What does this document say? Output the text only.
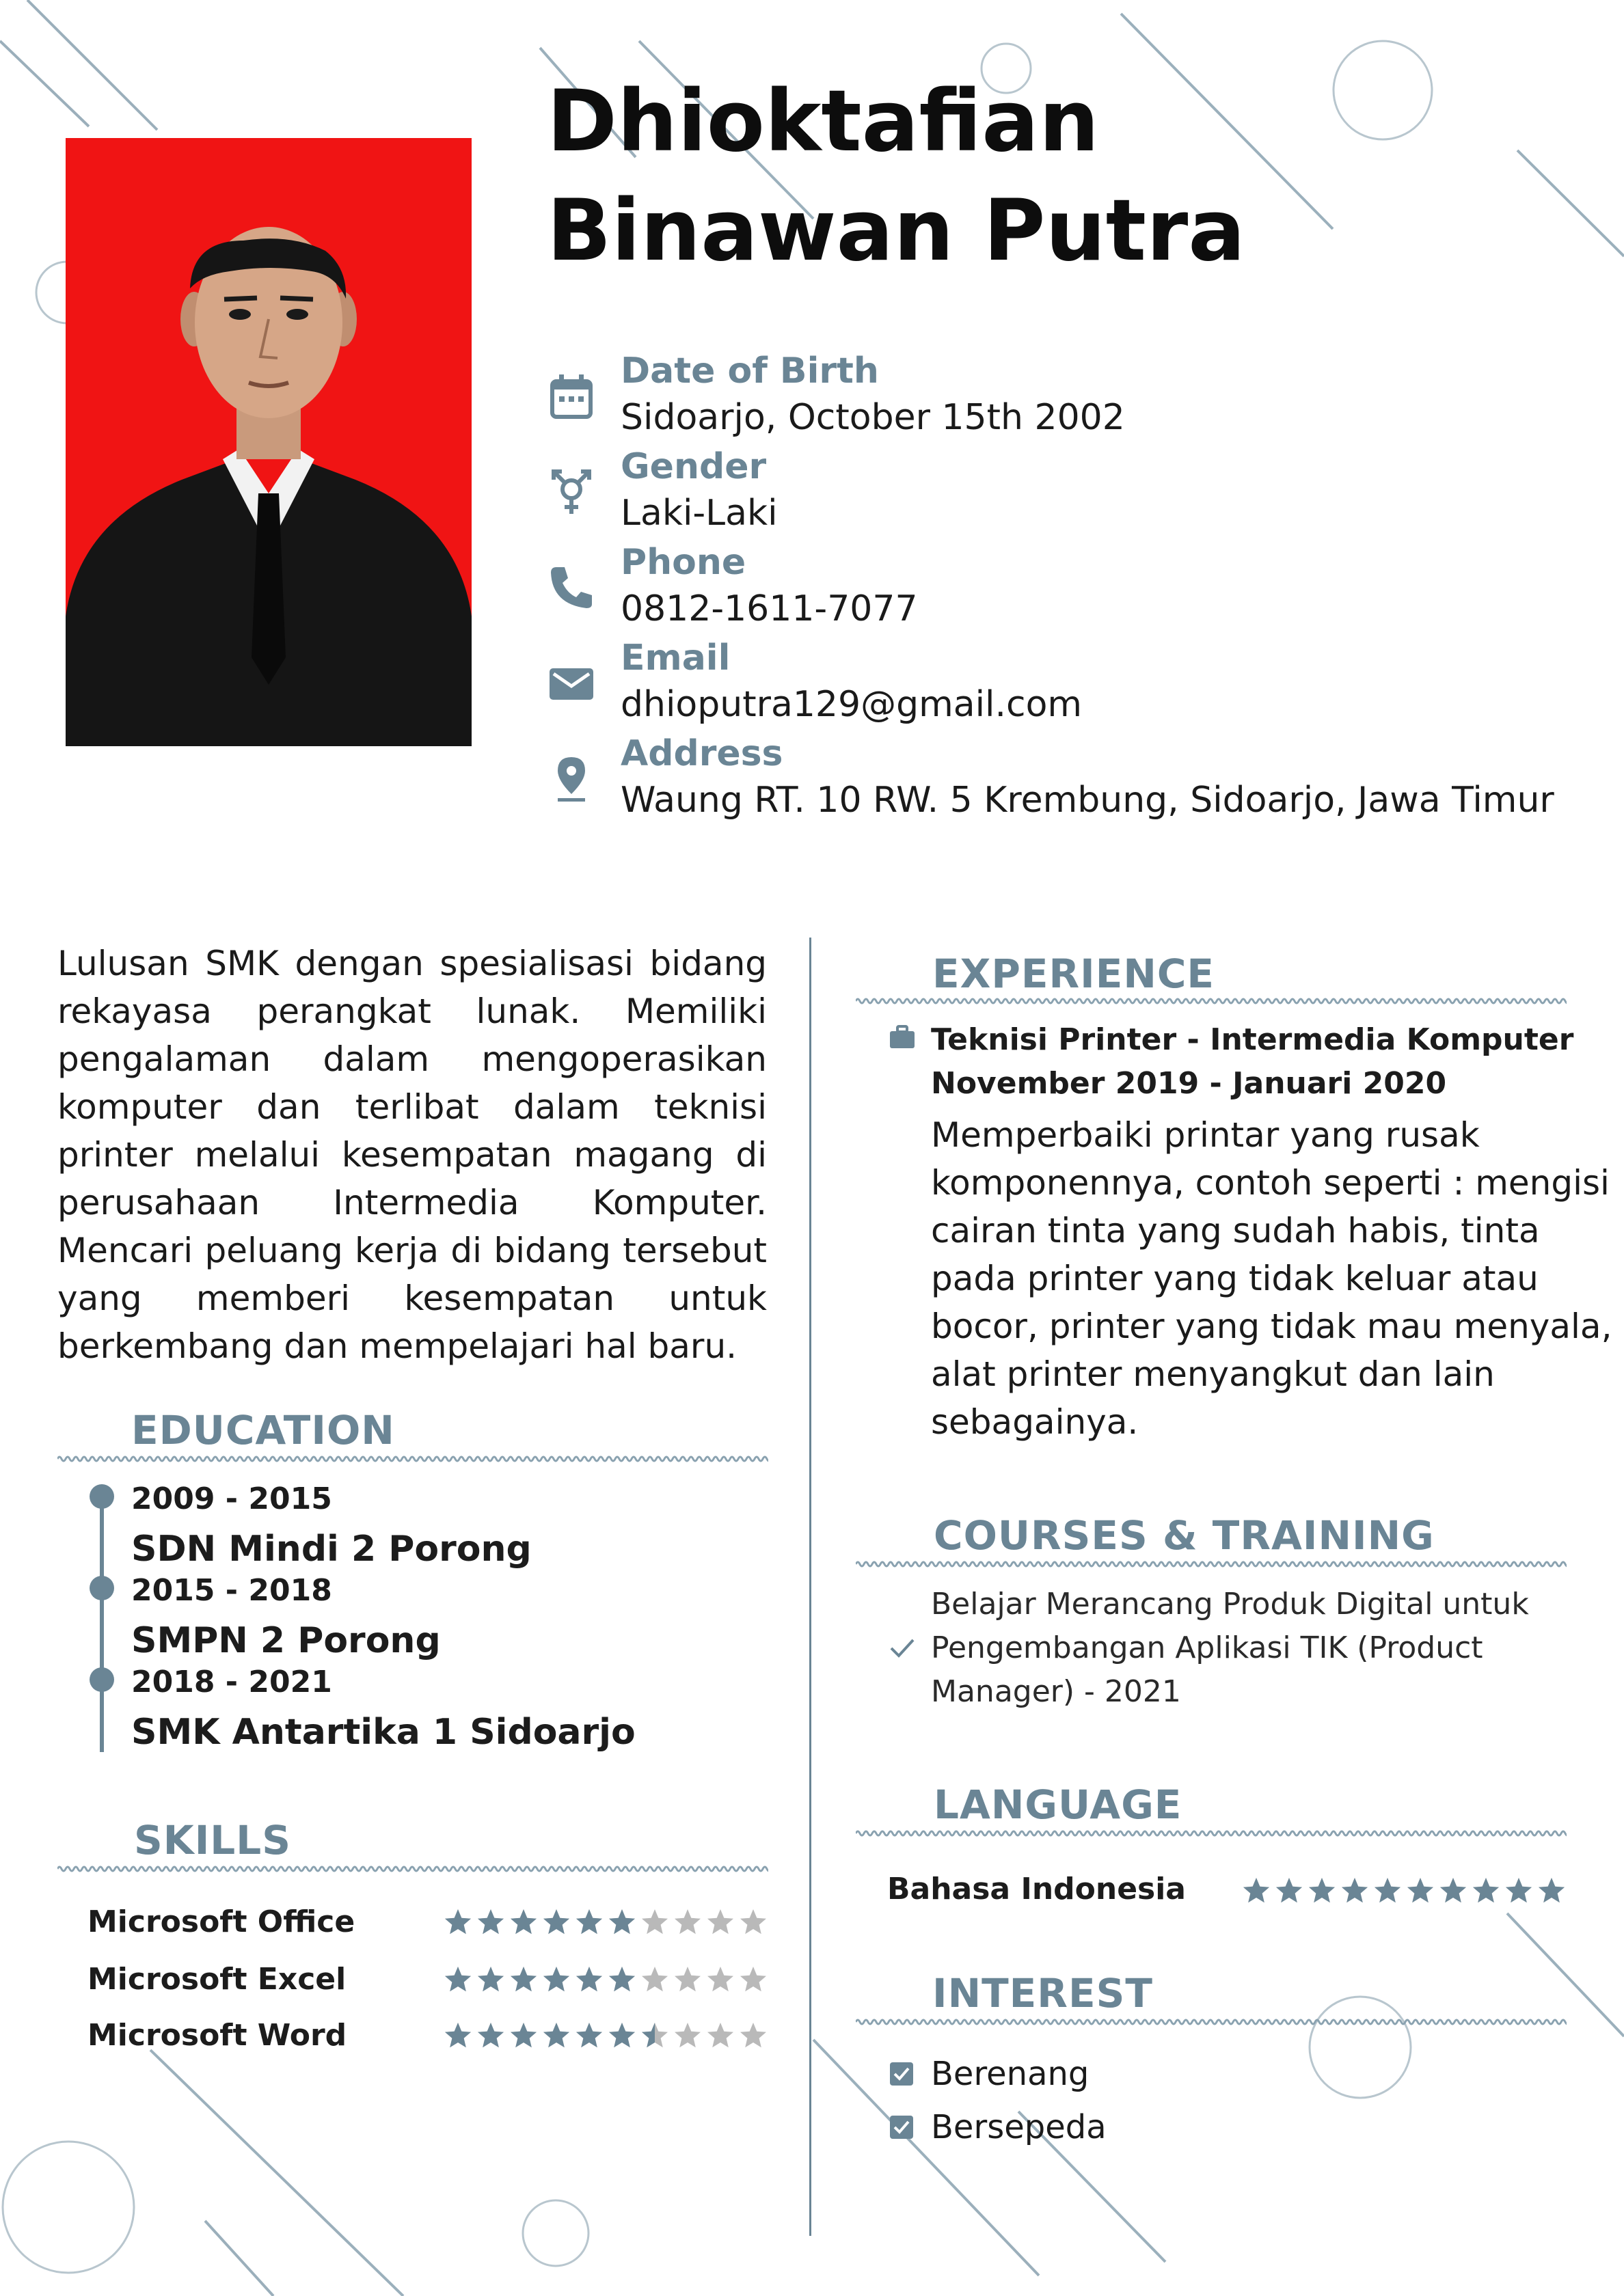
Dhioktafian Binawan Putra
Date of Birth
Sidoarjo, October 15th 2002
Gender
Laki-Laki
Phone
0812-1611-7077
Email
dhioputra129@gmail.com
Address
Waung RT. 10 RW. 5 Krembung, Sidoarjo, Jawa Timur

Lulusan SMK dengan spesialisasi bidang rekayasa perangkat lunak. Memiliki pengalaman dalam mengoperasikan komputer dan terlibat dalam teknisi printer melalui kesempatan magang di perusahaan Intermedia Komputer. Mencari peluang kerja di bidang tersebut yang memberi kesempatan untuk berkembang dan mempelajari hal baru.

EDUCATION
2009 - 2015
SDN Mindi 2 Porong
2015 - 2018
SMPN 2 Porong
2018 - 2021
SMK Antartika 1 Sidoarjo
SKILLS
Microsoft Office
Microsoft Excel
Microsoft Word
EXPERIENCE

Teknisi Printer - Intermedia Komputer

November 2019 - Januari 2020

Memperbaiki printar yang rusak komponennya, contoh seperti : mengisi cairan tinta yang sudah habis, tinta pada printer yang tidak keluar atau bocor, printer yang tidak mau menyala, alat printer menyangkut dan lain sebagainya.

COURSES & TRAINING

Belajar Merancang Produk Digital untuk Pengembangan Aplikasi TIK (Product Manager) - 2021

LANGUAGE
Bahasa Indonesia
INTEREST
Berenang
Bersepeda
